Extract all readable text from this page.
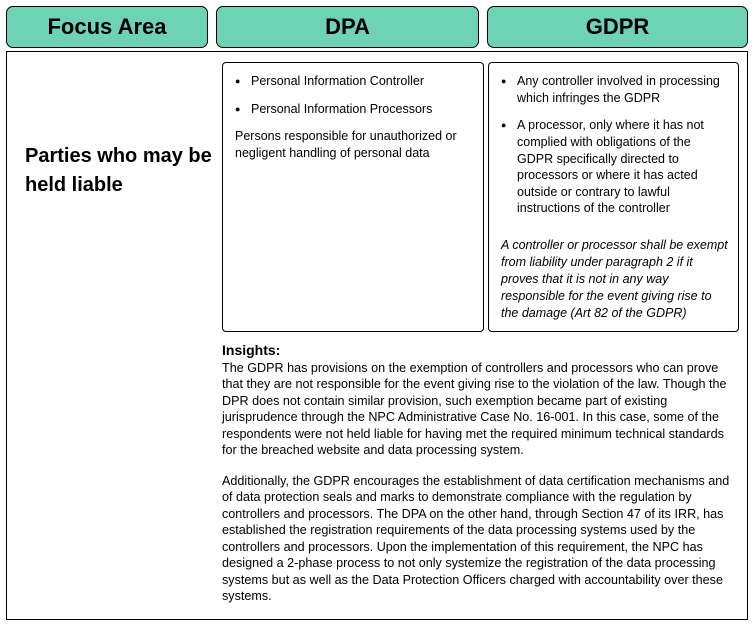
Focus Area	DPA	GDPR
Parties who may be held liable
● Personal Information Controller
● Personal Information Processors
Persons responsible for unauthorized or negligent handling of personal data
● Any controller involved in processing which infringes the GDPR
● A processor, only where it has not complied with obligations of the GDPR specifically directed to processors or where it has acted outside or contrary to lawful instructions of the controller
A controller or processor shall be exempt from liability under paragraph 2 if it proves that it is not in any way responsible for the event giving rise to the damage (Art 82 of the GDPR)
Insights:

The GDPR has provisions on the exemption of controllers and processors who can prove that they are not responsible for the event giving rise to the violation of the law. Though the DPR does not contain similar provision, such exemption became part of existing jurisprudence through the NPC Administrative Case No. 16-001. In this case, some of the respondents were not held liable for having met the required minimum technical standards for the breached website and data processing system.

Additionally, the GDPR encourages the establishment of data certification mechanisms and of data protection seals and marks to demonstrate compliance with the regulation by controllers and processors. The DPA on the other hand, through Section 47 of its IRR, has established the registration requirements of the data processing systems used by the controllers and processors. Upon the implementation of this requirement, the NPC has designed a 2-phase process to not only systemize the registration of the data processing systems but as well as the Data Protection Officers charged with accountability over these systems.
